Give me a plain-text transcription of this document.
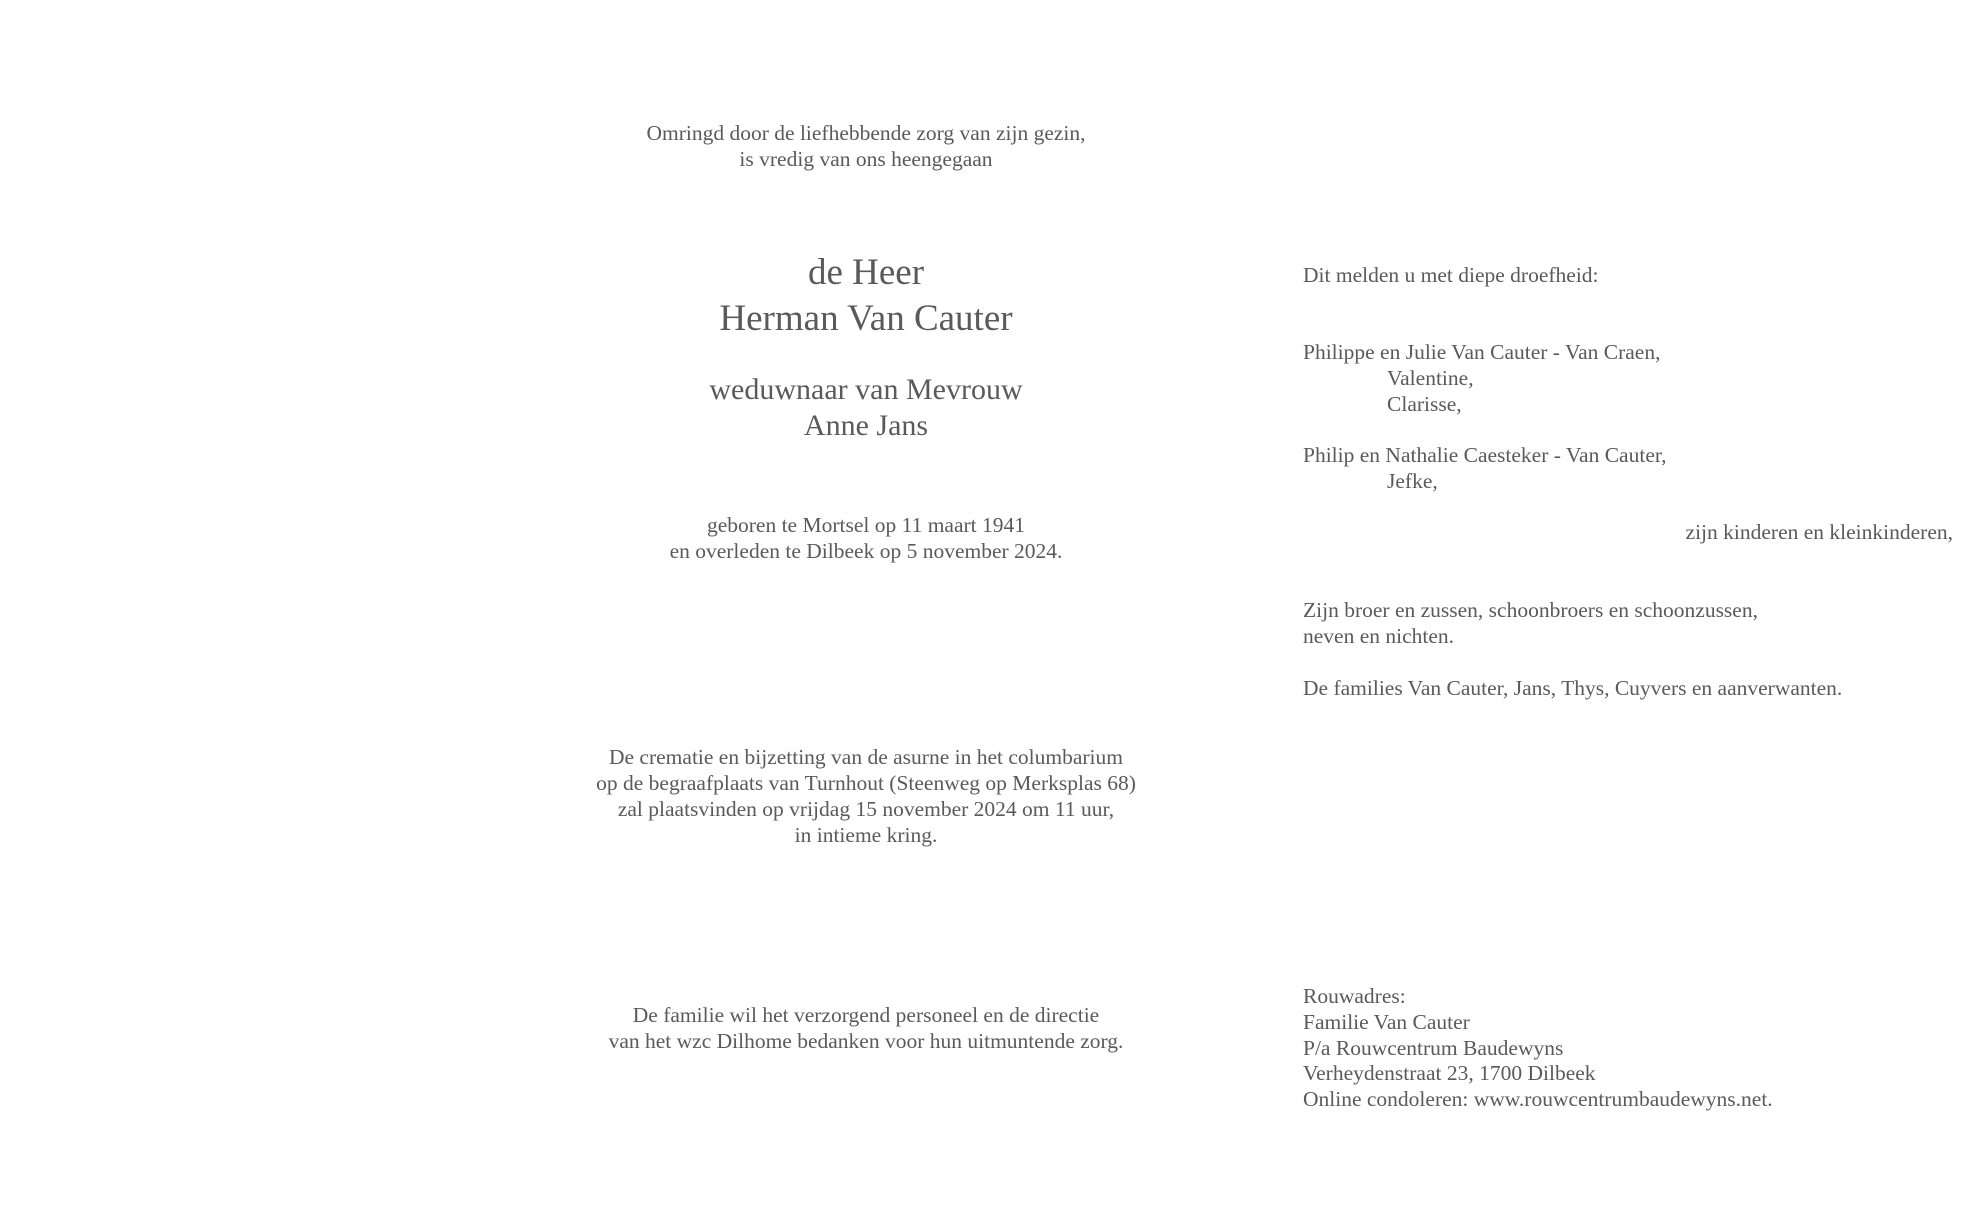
Omringd door de liefhebbende zorg van zijn gezin,
is vredig van ons heengegaan
de Heer
Herman Van Cauter
weduwnaar van Mevrouw
Anne Jans
geboren te Mortsel op 11 maart 1941
en overleden te Dilbeek op 5 november 2024.
De crematie en bijzetting van de asurne in het columbarium
op de begraafplaats van Turnhout (Steenweg op Merksplas 68)
zal plaatsvinden op vrijdag 15 november 2024 om 11 uur,
in intieme kring.
De familie wil het verzorgend personeel en de directie
van het wzc Dilhome bedanken voor hun uitmuntende zorg.
Dit melden u met diepe droefheid:
Philippe en Julie Van Cauter - Van Craen,
Valentine,
Clarisse,
Philip en Nathalie Caesteker - Van Cauter,
Jefke,
zijn kinderen en kleinkinderen,
Zijn broer en zussen, schoonbroers en schoonzussen,
neven en nichten.
De families Van Cauter, Jans, Thys, Cuyvers en aanverwanten.
Rouwadres:
Familie Van Cauter
P/a Rouwcentrum Baudewyns
Verheydenstraat 23, 1700 Dilbeek
Online condoleren: www.rouwcentrumbaudewyns.net.
